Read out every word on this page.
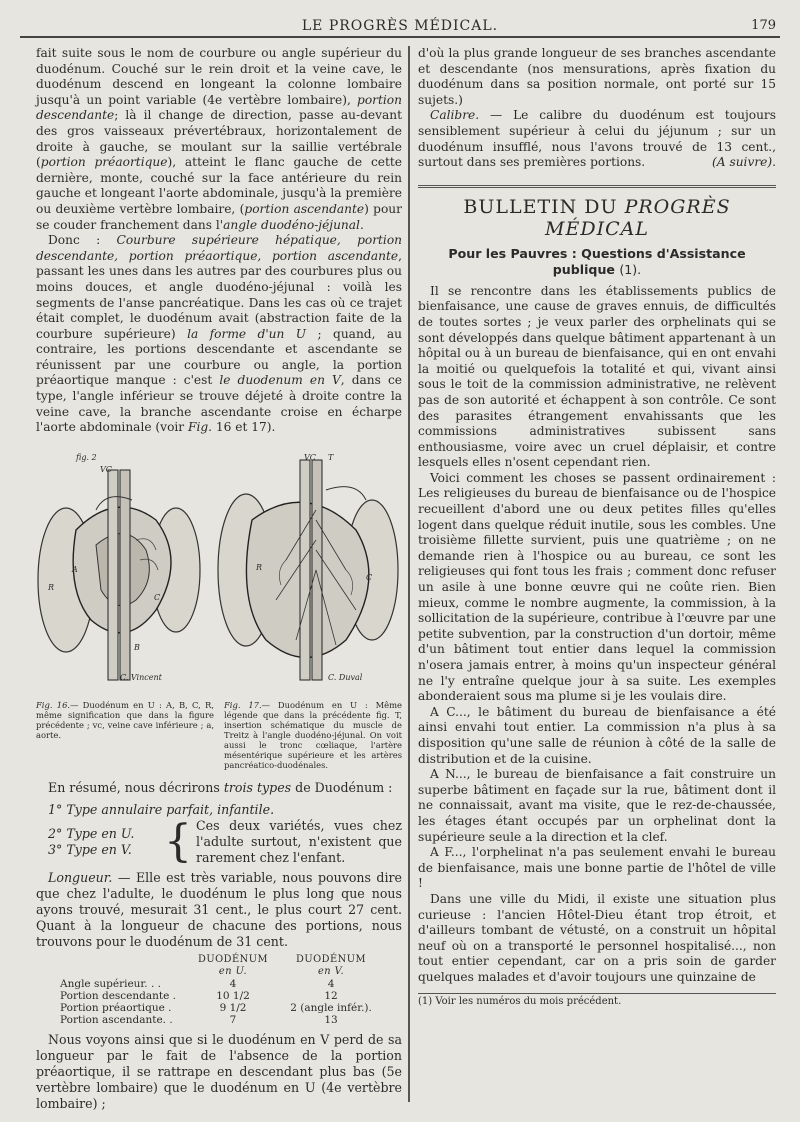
LE PROGRÈS MÉDICAL.	179

fait suite sous le nom de courbure ou angle supérieur du duodénum. Couché sur le rein droit et la veine cave, le duodénum descend en longeant la colonne lombaire jusqu'à un point variable (4e vertèbre lombaire), portion descendante; là il change de direction, passe au-devant des gros vaisseaux prévertébraux, horizontalement de droite à gauche, se moulant sur la saillie vertébrale (portion préaortique), atteint le flanc gauche de cette dernière, monte, couché sur la face antérieure du rein gauche et longeant l'aorte abdominale, jusqu'à la première ou deuxième vertèbre lombaire, (portion ascendante) pour se couder franchement dans l'angle duodéno-jéjunal.

Donc : Courbure supérieure hépatique, portion descendante, portion préaortique, portion ascendante, passant les unes dans les autres par des courbures plus ou moins douces, et angle duodéno-jéjunal : voilà les segments de l'anse pancréatique. Dans les cas où ce trajet était complet, le duodénum avait (abstraction faite de la courbure supérieure) la forme d'un U ; quand, au contraire, les portions descendante et ascendante se réunissent par une courbure ou angle, la portion préaortique manque : c'est le duodenum en V, dans ce type, l'angle inférieur se trouve déjeté à droite contre la veine cave, la branche ascendante croise en écharpe l'aorte abdominale (voir Fig. 16 et 17).

fig. 2
A
R
C
B
VC
C. Vincent
VC T
R
C
C. Duval
Fig. 16.— Duodénum en U : A, B, C, R, même signification que dans la figure précédente ; vc, veine cave inférieure ; a, aorte.
Fig. 17.— Duodénum en U : Même légende que dans la précédente fig. T, insertion schématique du muscle de Treitz à l'angle duodéno-jéjunal. On voit aussi le tronc cœliaque, l'artère mésentérique supérieure et les artères pancréatico-duodénales.

En résumé, nous décrirons trois types de Duodénum :

1° Type annulaire parfait, infantile.
2° Type en U.
3° Type en V. { Ces deux variétés, vues chez l'adulte surtout, n'existent que rarement chez l'enfant.

Longueur. — Elle est très variable, nous pouvons dire que chez l'adulte, le duodénum le plus long que nous ayons trouvé, mesurait 31 cent., le plus court 27 cent. Quant à la longueur de chacune des portions, nous trouvons pour le duodénum de 31 cent.

	DUODÉNUM
en U.	DUODÉNUM
en V.
Angle supérieur. . .	4	4
Portion descendante .	10 1/2	12
Portion préaortique .	9 1/2	2 (angle infér.).
Portion ascendante. .	7	13

Nous voyons ainsi que si le duodénum en V perd de sa longueur par le fait de l'absence de la portion préaortique, il se rattrape en descendant plus bas (5e vertèbre lombaire) que le duodénum en U (4e vertèbre lombaire) ;

d'où la plus grande longueur de ses branches ascendante et descendante (nos mensurations, après fixation du duodénum dans sa position normale, ont porté sur 15 sujets.)

Calibre. — Le calibre du duodénum est toujours sensiblement supérieur à celui du jéjunum ; sur un duodénum insufflé, nous l'avons trouvé de 13 cent., surtout dans ses premières portions.	(A suivre).

BULLETIN DU PROGRÈS MÉDICAL
Pour les Pauvres : Questions d'Assistance publique (1).

Il se rencontre dans les établissements publics de bienfaisance, une cause de graves ennuis, de difficultés de toutes sortes ; je veux parler des orphelinats qui se sont développés dans quelque bâtiment appartenant à un hôpital ou à un bureau de bienfaisance, qui en ont envahi la moitié ou quelquefois la totalité et qui, vivant ainsi sous le toit de la commission administrative, ne relèvent pas de son autorité et échappent à son contrôle. Ce sont des parasites étrangement envahissants que les commissions administratives subissent sans enthousiasme, voire avec un cruel déplaisir, et contre lesquels elles n'osent cependant rien.

Voici comment les choses se passent ordinairement : Les religieuses du bureau de bienfaisance ou de l'hospice recueillent d'abord une ou deux petites filles qu'elles logent dans quelque réduit inutile, sous les combles. Une troisième fillette survient, puis une quatrième ; on ne demande rien à l'hospice ou au bureau, ce sont les religieuses qui font tous les frais ; comment donc refuser un asile à une bonne œuvre qui ne coûte rien. Bien mieux, comme le nombre augmente, la commission, à la sollicitation de la supérieure, contribue à l'œuvre par une petite subvention, par la construction d'un dortoir, même d'un bâtiment tout entier dans lequel la commission n'osera jamais entrer, à moins qu'un inspecteur général ne l'y entraîne quelque jour à sa suite. Les exemples abonderaient sous ma plume si je les voulais dire.

A C..., le bâtiment du bureau de bienfaisance a été ainsi envahi tout entier. La commission n'a plus à sa disposition qu'une salle de réunion à côté de la salle de distribution et de la cuisine.

A N..., le bureau de bienfaisance a fait construire un superbe bâtiment en façade sur la rue, bâtiment dont il ne connaissait, avant ma visite, que le rez-de-chaussée, les étages étant occupés par un orphelinat dont la supérieure seule a la direction et la clef.

A F..., l'orphelinat n'a pas seulement envahi le bureau de bienfaisance, mais une bonne partie de l'hôtel de ville !

Dans une ville du Midi, il existe une situation plus curieuse : l'ancien Hôtel-Dieu étant trop étroit, et d'ailleurs tombant de vétusté, on a construit un hôpital neuf où on a transporté le personnel hospitalisé..., non tout entier cependant, car on a pris soin de garder quelques malades et d'avoir toujours une quinzaine de

(1) Voir les numéros du mois précédent.
